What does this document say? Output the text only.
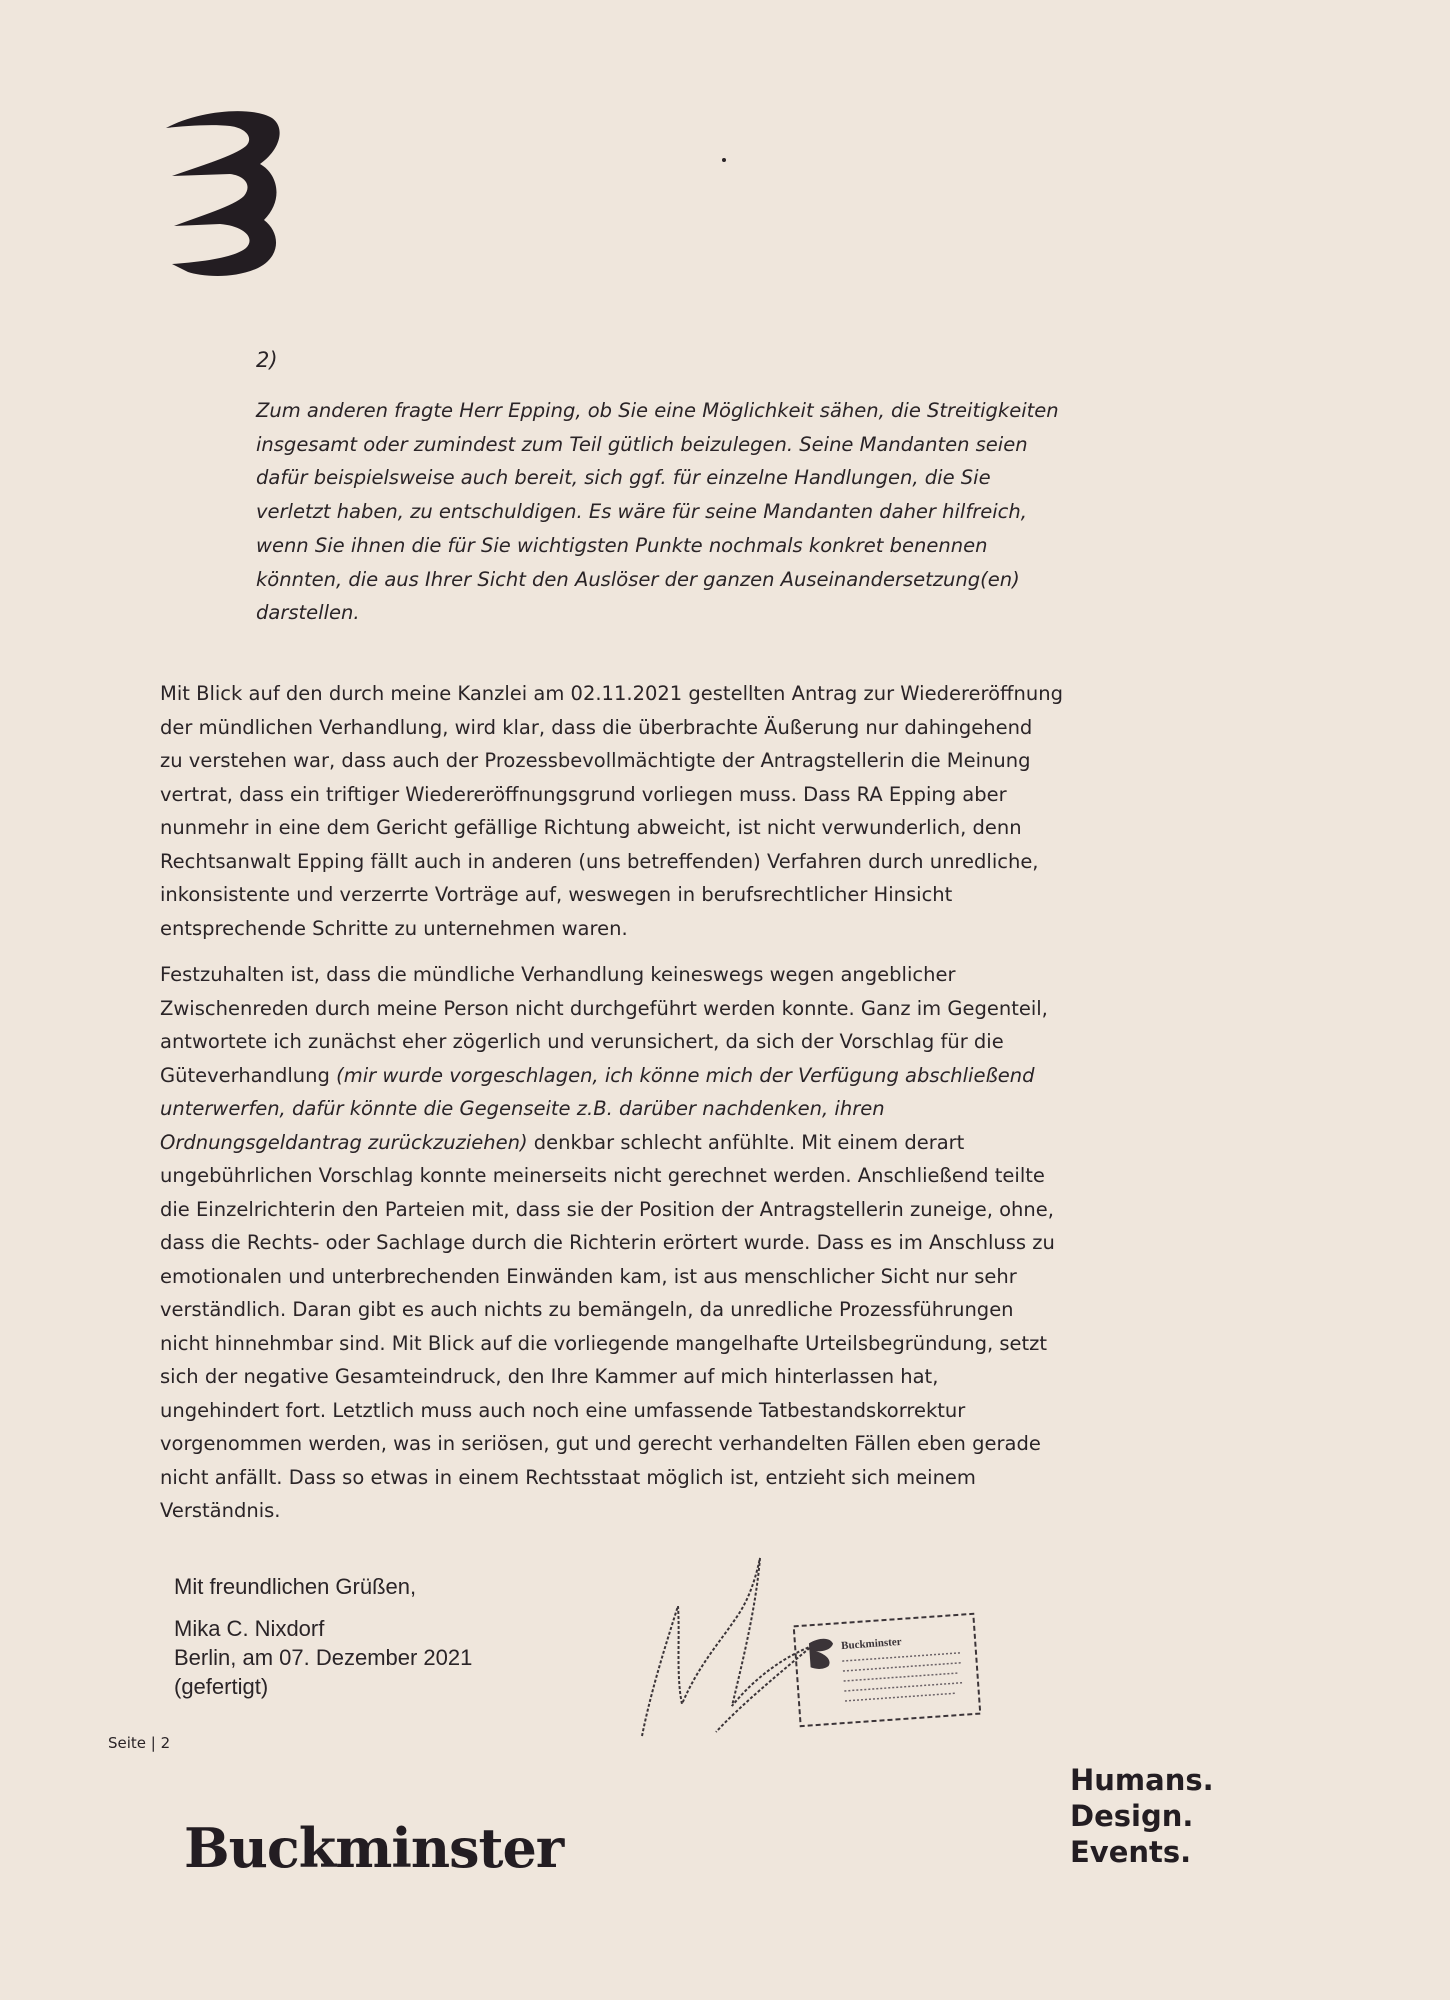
2)
Zum anderen fragte Herr Epping, ob Sie eine Möglichkeit sähen, die Streitigkeiten
insgesamt oder zumindest zum Teil gütlich beizulegen. Seine Mandanten seien
dafür beispielsweise auch bereit, sich ggf. für einzelne Handlungen, die Sie
verletzt haben, zu entschuldigen. Es wäre für seine Mandanten daher hilfreich,
wenn Sie ihnen die für Sie wichtigsten Punkte nochmals konkret benennen
könnten, die aus Ihrer Sicht den Auslöser der ganzen Auseinandersetzung(en)
darstellen.
Mit Blick auf den durch meine Kanzlei am 02.11.2021 gestellten Antrag zur Wiedereröffnung
der mündlichen Verhandlung, wird klar, dass die überbrachte Äußerung nur dahingehend
zu verstehen war, dass auch der Prozessbevollmächtigte der Antragstellerin die Meinung
vertrat, dass ein triftiger Wiedereröffnungsgrund vorliegen muss. Dass RA Epping aber
nunmehr in eine dem Gericht gefällige Richtung abweicht, ist nicht verwunderlich, denn
Rechtsanwalt Epping fällt auch in anderen (uns betreffenden) Verfahren durch unredliche,
inkonsistente und verzerrte Vorträge auf, weswegen in berufsrechtlicher Hinsicht
entsprechende Schritte zu unternehmen waren.
Festzuhalten ist, dass die mündliche Verhandlung keineswegs wegen angeblicher
Zwischenreden durch meine Person nicht durchgeführt werden konnte. Ganz im Gegenteil,
antwortete ich zunächst eher zögerlich und verunsichert, da sich der Vorschlag für die
Güteverhandlung (mir wurde vorgeschlagen, ich könne mich der Verfügung abschließend
unterwerfen, dafür könnte die Gegenseite z.B. darüber nachdenken, ihren
Ordnungsgeldantrag zurückzuziehen) denkbar schlecht anfühlte. Mit einem derart
ungebührlichen Vorschlag konnte meinerseits nicht gerechnet werden. Anschließend teilte
die Einzelrichterin den Parteien mit, dass sie der Position der Antragstellerin zuneige, ohne,
dass die Rechts- oder Sachlage durch die Richterin erörtert wurde. Dass es im Anschluss zu
emotionalen und unterbrechenden Einwänden kam, ist aus menschlicher Sicht nur sehr
verständlich. Daran gibt es auch nichts zu bemängeln, da unredliche Prozessführungen
nicht hinnehmbar sind. Mit Blick auf die vorliegende mangelhafte Urteilsbegründung, setzt
sich der negative Gesamteindruck, den Ihre Kammer auf mich hinterlassen hat,
ungehindert fort. Letztlich muss auch noch eine umfassende Tatbestandskorrektur
vorgenommen werden, was in seriösen, gut und gerecht verhandelten Fällen eben gerade
nicht anfällt. Dass so etwas in einem Rechtsstaat möglich ist, entzieht sich meinem
Verständnis.
Mit freundlichen Grüßen,
Mika C. Nixdorf
Berlin, am 07. Dezember 2021
(gefertigt)
Buckminster
Seite | 2
Buckminster
Humans.
Design.
Events.
